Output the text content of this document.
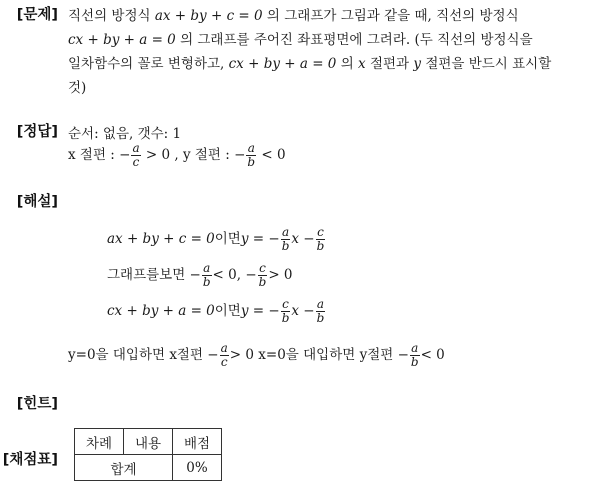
[문제]
[정답]
[해설]
[힌트]
[채점표]
직선의 방정식 ax + by + c = 0 의 그래프가 그림과 같을 때, 직선의 방정식
cx + by + a = 0 의 그래프를 주어진 좌표평면에 그려라. (두 직선의 방정식을
일차함수의 꼴로 변형하고, cx + by + a = 0 의 x 절편과 y 절편을 반드시 표시할
것)
순서: 없음, 갯수: 1
x 절편 : − $\frac{a}{c} > 0$ , y 절편 : − $\frac{a}{b} < 0$
ax + by + c = 0이면y = − $\frac{a}{b}$ $x - \frac{c}{b}$
그래프를보면 − $\frac{a}{b} < 0$, − $\frac{c}{b} > 0$
cx + by + a = 0이면y = − $\frac{c}{b}$ $x - \frac{a}{b}$
y=0을 대입하면 x절편 − $\frac{a}{c} > 0$ x=0을 대입하면 y절편 − $\frac{a}{b} < 0$
차례	내용	배점
합계		0%
